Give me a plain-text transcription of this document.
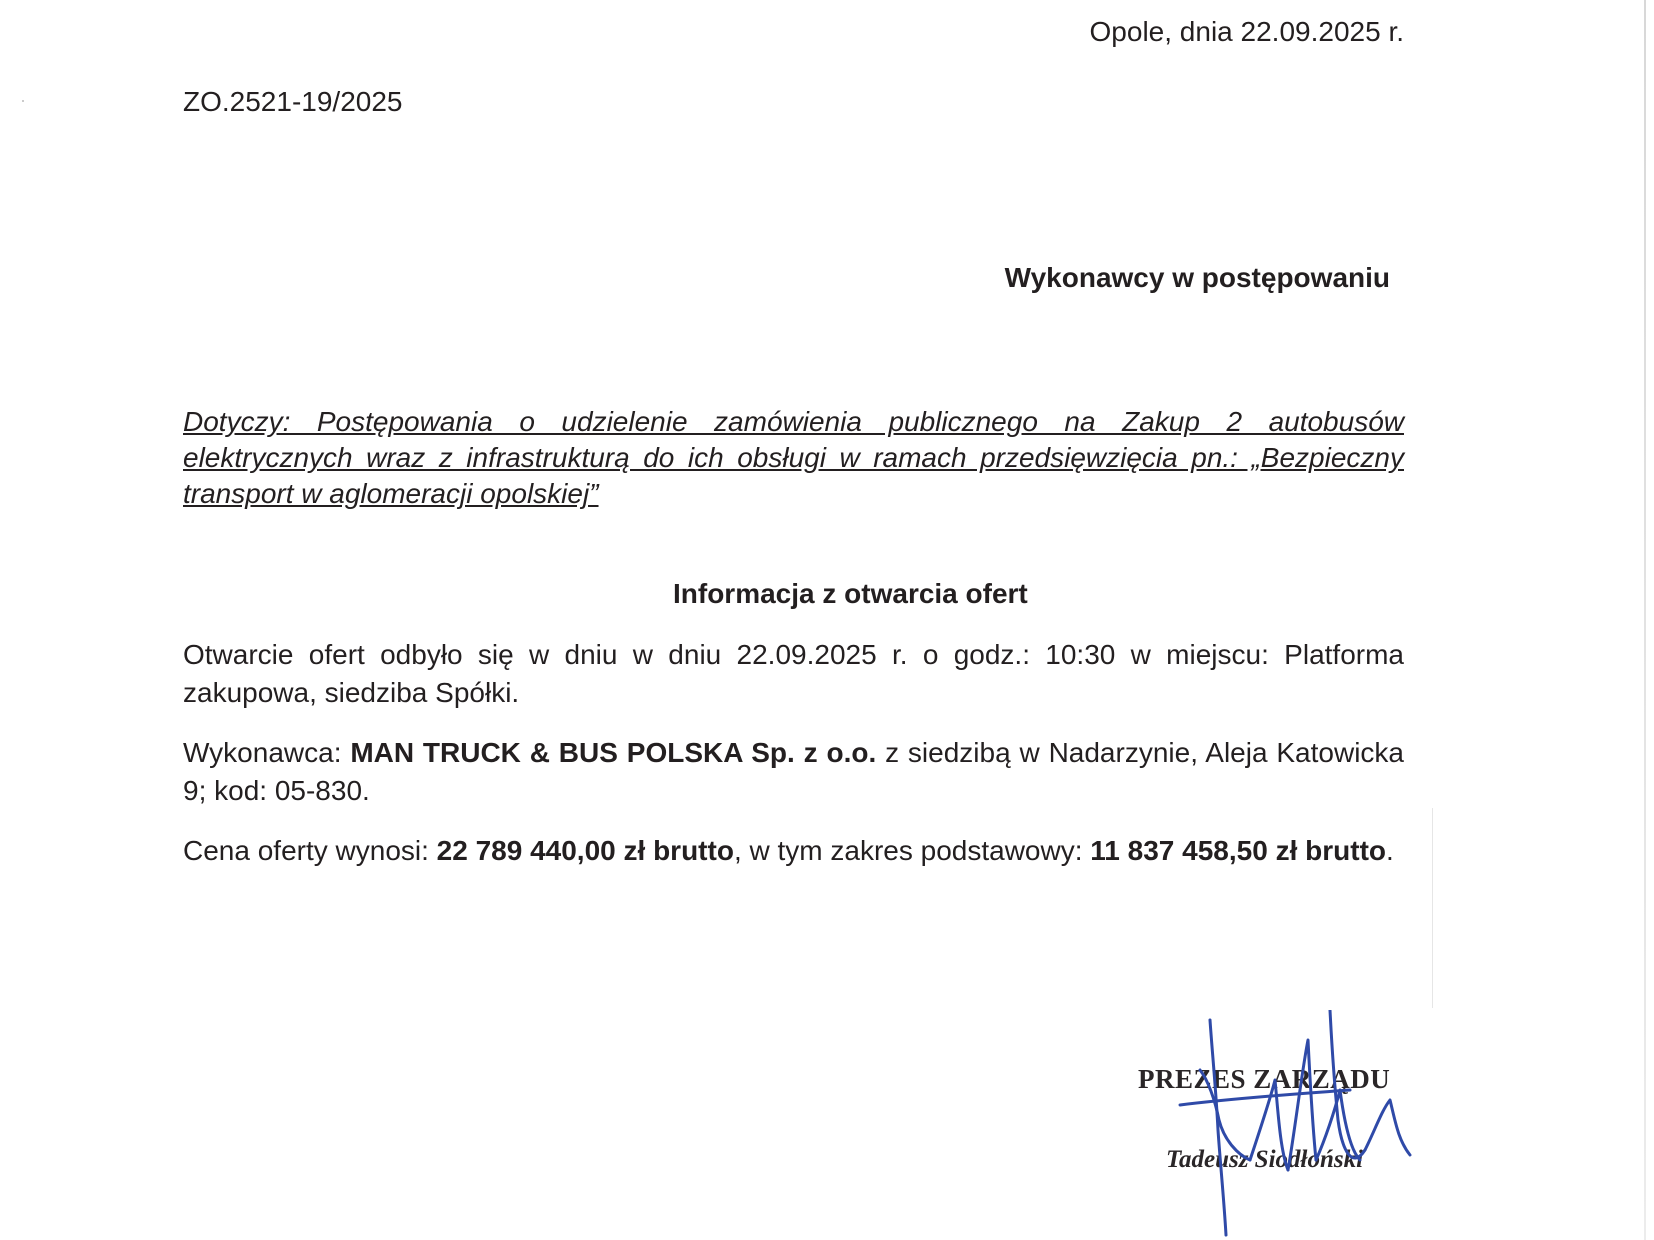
Opole, dnia 22.09.2025 r.
ZO.2521-19/2025
Wykonawcy w postępowaniu

Dotyczy: Postępowania o udzielenie zamówienia publicznego na Zakup 2 autobusów elektrycznych wraz z infrastrukturą do ich obsługi w ramach przedsięwzięcia pn.: „Bezpieczny transport w aglomeracji opolskiej”

Informacja z otwarcia ofert

Otwarcie ofert odbyło się w dniu w dniu 22.09.2025 r. o godz.: 10:30 w miejscu: Platforma zakupowa, siedziba Spółki.

Wykonawca: MAN TRUCK & BUS POLSKA Sp. z o.o. z siedzibą w Nadarzynie, Aleja Katowicka 9; kod: 05-830.

Cena oferty wynosi: 22 789 440,00 zł brutto, w tym zakres podstawowy: 11 837 458,50 zł brutto.

PREZES ZARZĄDU
Tadeusz Siodłoński
